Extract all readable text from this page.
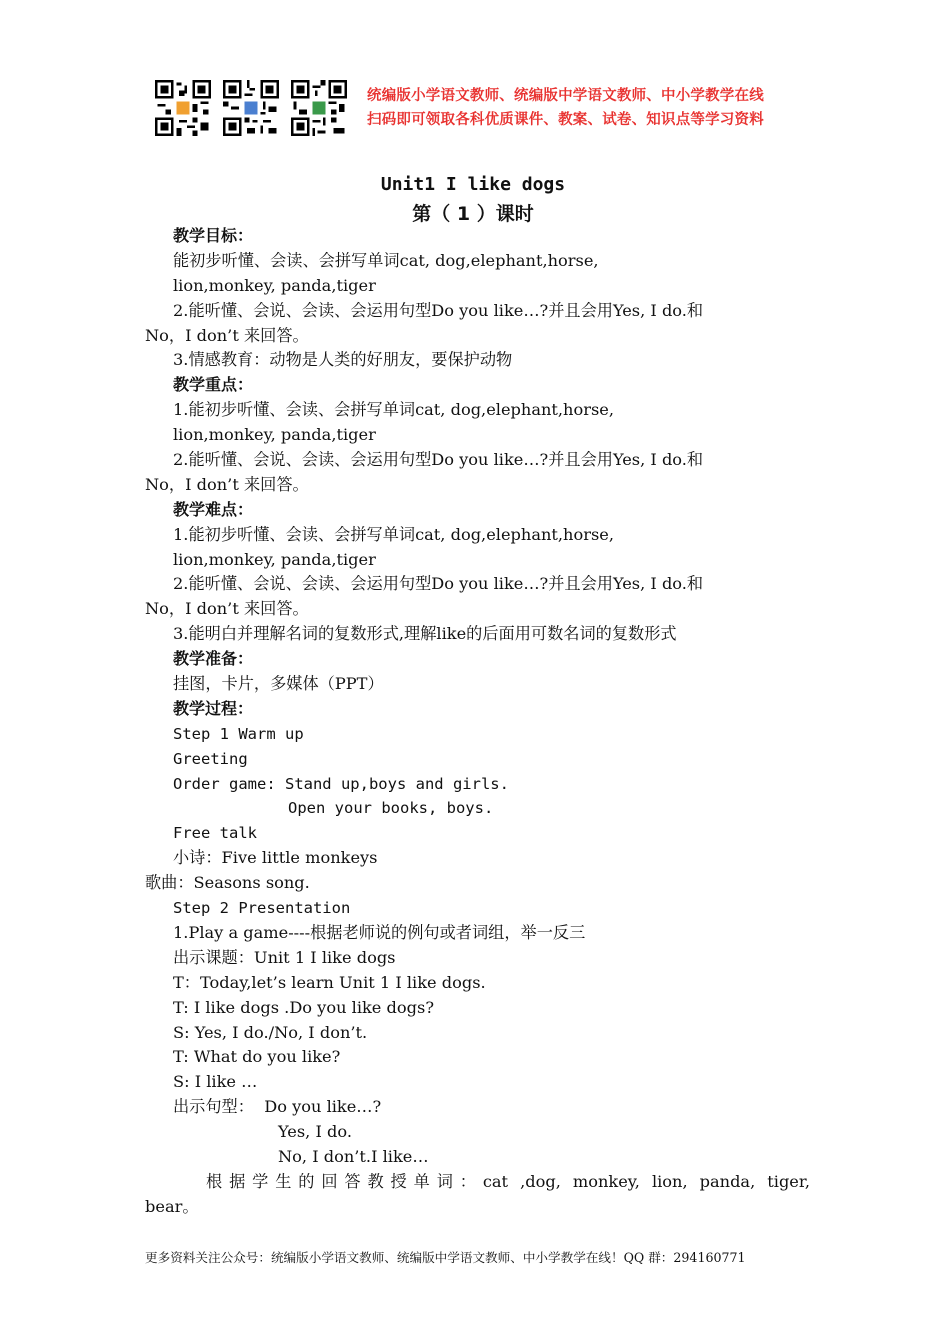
统编版小学语文教师、统编版中学语文教师、中小学教学在线
扫码即可领取各科优质课件、教案、试卷、知识点等学习资料
Unit1 I like dogs
第（ 1 ）课时
教学目标：
能初步听懂、会读、会拼写单词cat, dog,elephant,horse,
lion,monkey, panda,tiger
2.能听懂、会说、会读、会运用句型Do you like…?并且会用Yes, I do.和
No，I don’t 来回答。
3.情感教育：动物是人类的好朋友，要保护动物
教学重点：
1.能初步听懂、会读、会拼写单词cat, dog,elephant,horse,
lion,monkey, panda,tiger
2.能听懂、会说、会读、会运用句型Do you like…?并且会用Yes, I do.和
No，I don’t 来回答。
教学难点：
1.能初步听懂、会读、会拼写单词cat, dog,elephant,horse,
lion,monkey, panda,tiger
2.能听懂、会说、会读、会运用句型Do you like…?并且会用Yes, I do.和
No，I don’t 来回答。
3.能明白并理解名词的复数形式,理解like的后面用可数名词的复数形式
教学准备：
挂图，卡片，多媒体（PPT）
教学过程：
Step 1 Warm up
Greeting
Order game: Stand up,boys and girls.
Open your books, boys.
Free talk
小诗：Five little monkeys
歌曲：Seasons song.
Step 2 Presentation
1.Play a game----根据老师说的例句或者词组，举一反三
出示课题：Unit 1 I like dogs
T：Today,let’s learn Unit 1 I like dogs.
T: I like dogs .Do you like dogs?
S: Yes, I do./No, I don’t.
T: What do you like?
S: I like …
出示句型： Do you like…?
Yes, I do.
No, I don’t.I like…
根据学生的回答教授单词：cat ,dog, monkey, lion, panda, tiger,
bear。
更多资料关注公众号：统编版小学语文教师、统编版中学语文教师、中小学教学在线！QQ 群：294160771
